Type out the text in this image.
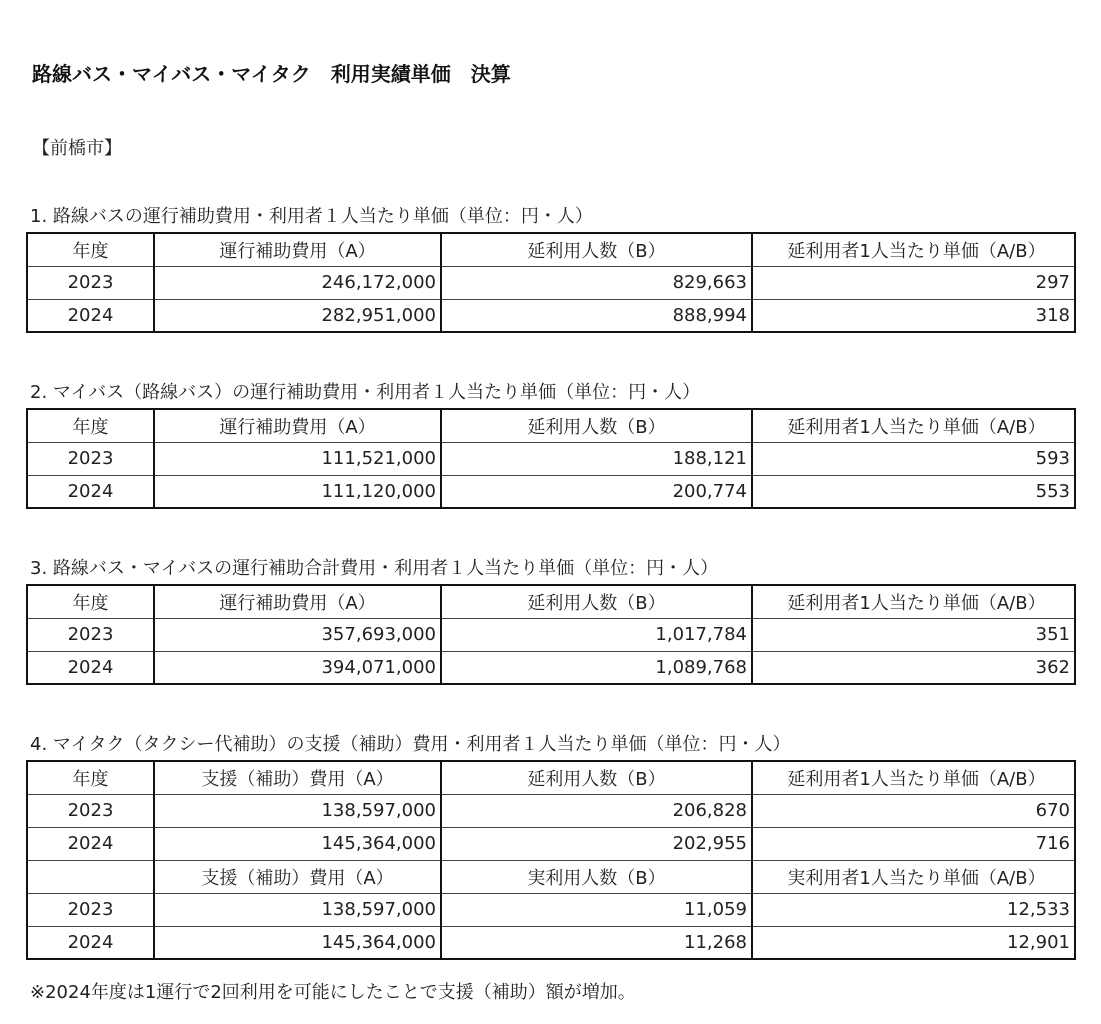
路線バス・マイバス・マイタク　利用実績単価　決算
【前橋市】
1. 路線バスの運行補助費用・利用者１人当たり単価（単位：円・人）
年度	運行補助費用（A）	延利用人数（B）	延利用者1人当たり単価（A/B）
2023	246,172,000	829,663	297
2024	282,951,000	888,994	318
2. マイバス（路線バス）の運行補助費用・利用者１人当たり単価（単位：円・人）
年度	運行補助費用（A）	延利用人数（B）	延利用者1人当たり単価（A/B）
2023	111,521,000	188,121	593
2024	111,120,000	200,774	553
3. 路線バス・マイバスの運行補助合計費用・利用者１人当たり単価（単位：円・人）
年度	運行補助費用（A）	延利用人数（B）	延利用者1人当たり単価（A/B）
2023	357,693,000	1,017,784	351
2024	394,071,000	1,089,768	362
4. マイタク（タクシー代補助）の支援（補助）費用・利用者１人当たり単価（単位：円・人）
年度	支援（補助）費用（A）	延利用人数（B）	延利用者1人当たり単価（A/B）
2023	138,597,000	206,828	670
2024	145,364,000	202,955	716
	支援（補助）費用（A）	実利用人数（B）	実利用者1人当たり単価（A/B）
2023	138,597,000	11,059	12,533
2024	145,364,000	11,268	12,901
※2024年度は1運行で2回利用を可能にしたことで支援（補助）額が増加。
